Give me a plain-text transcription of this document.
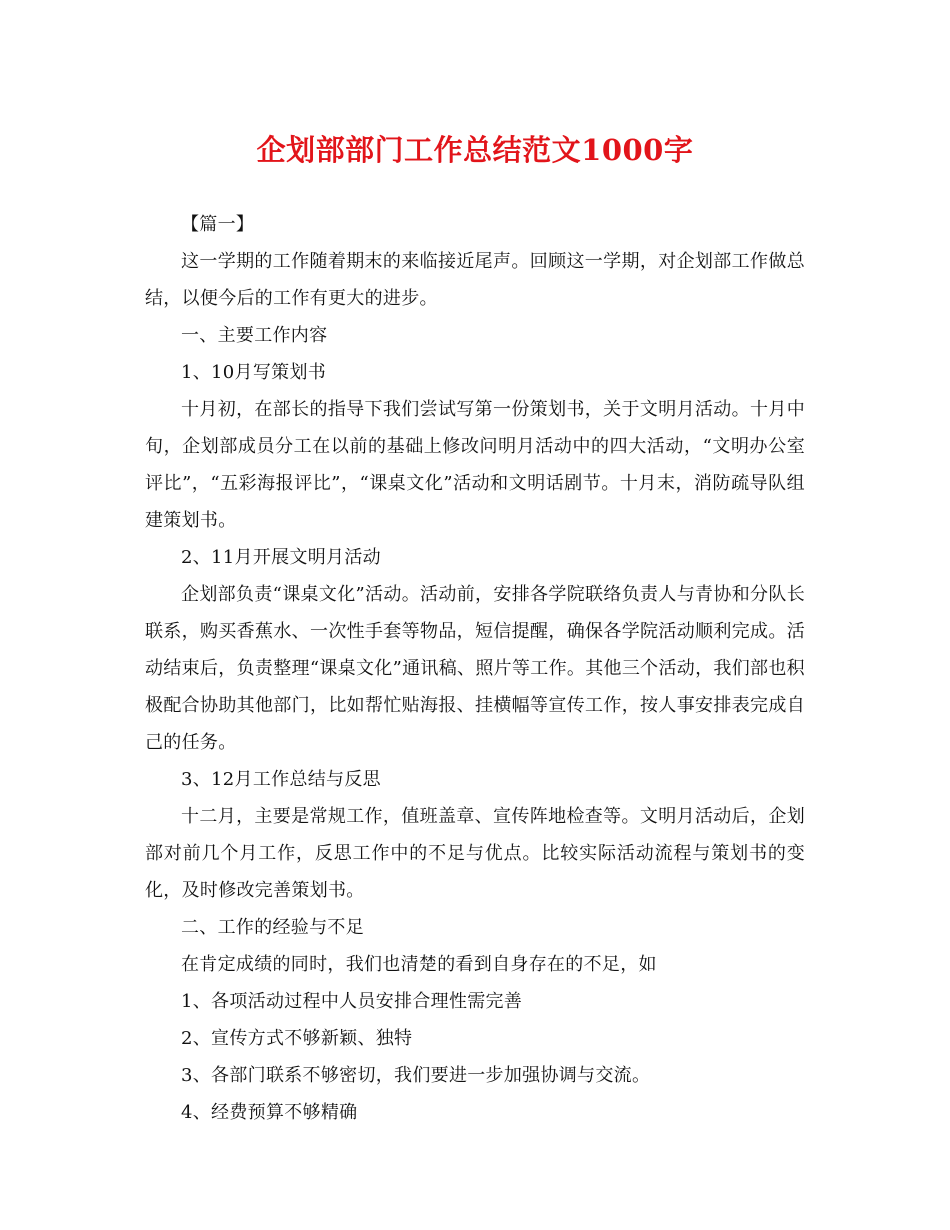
企划部部门工作总结范文1000字

【篇一】

这一学期的工作随着期末的来临接近尾声。回顾这一学期，对企划部工作做总结，以便今后的工作有更大的进步。

一、主要工作内容

1、10月写策划书

十月初，在部长的指导下我们尝试写第一份策划书，关于文明月活动。十月中旬，企划部成员分工在以前的基础上修改问明月活动中的四大活动，“文明办公室评比”，“五彩海报评比”，“课桌文化”活动和文明话剧节。十月末，消防疏导队组建策划书。

2、11月开展文明月活动

企划部负责“课桌文化”活动。活动前，安排各学院联络负责人与青协和分队长联系，购买香蕉水、一次性手套等物品，短信提醒，确保各学院活动顺利完成。活动结束后，负责整理“课桌文化”通讯稿、照片等工作。其他三个活动，我们部也积极配合协助其他部门，比如帮忙贴海报、挂横幅等宣传工作，按人事安排表完成自己的任务。

3、12月工作总结与反思

十二月，主要是常规工作，值班盖章、宣传阵地检查等。文明月活动后，企划部对前几个月工作，反思工作中的不足与优点。比较实际活动流程与策划书的变化，及时修改完善策划书。

二、工作的经验与不足

在肯定成绩的同时，我们也清楚的看到自身存在的不足，如

1、各项活动过程中人员安排合理性需完善

2、宣传方式不够新颖、独特

3、各部门联系不够密切，我们要进一步加强协调与交流。

4、经费预算不够精确
